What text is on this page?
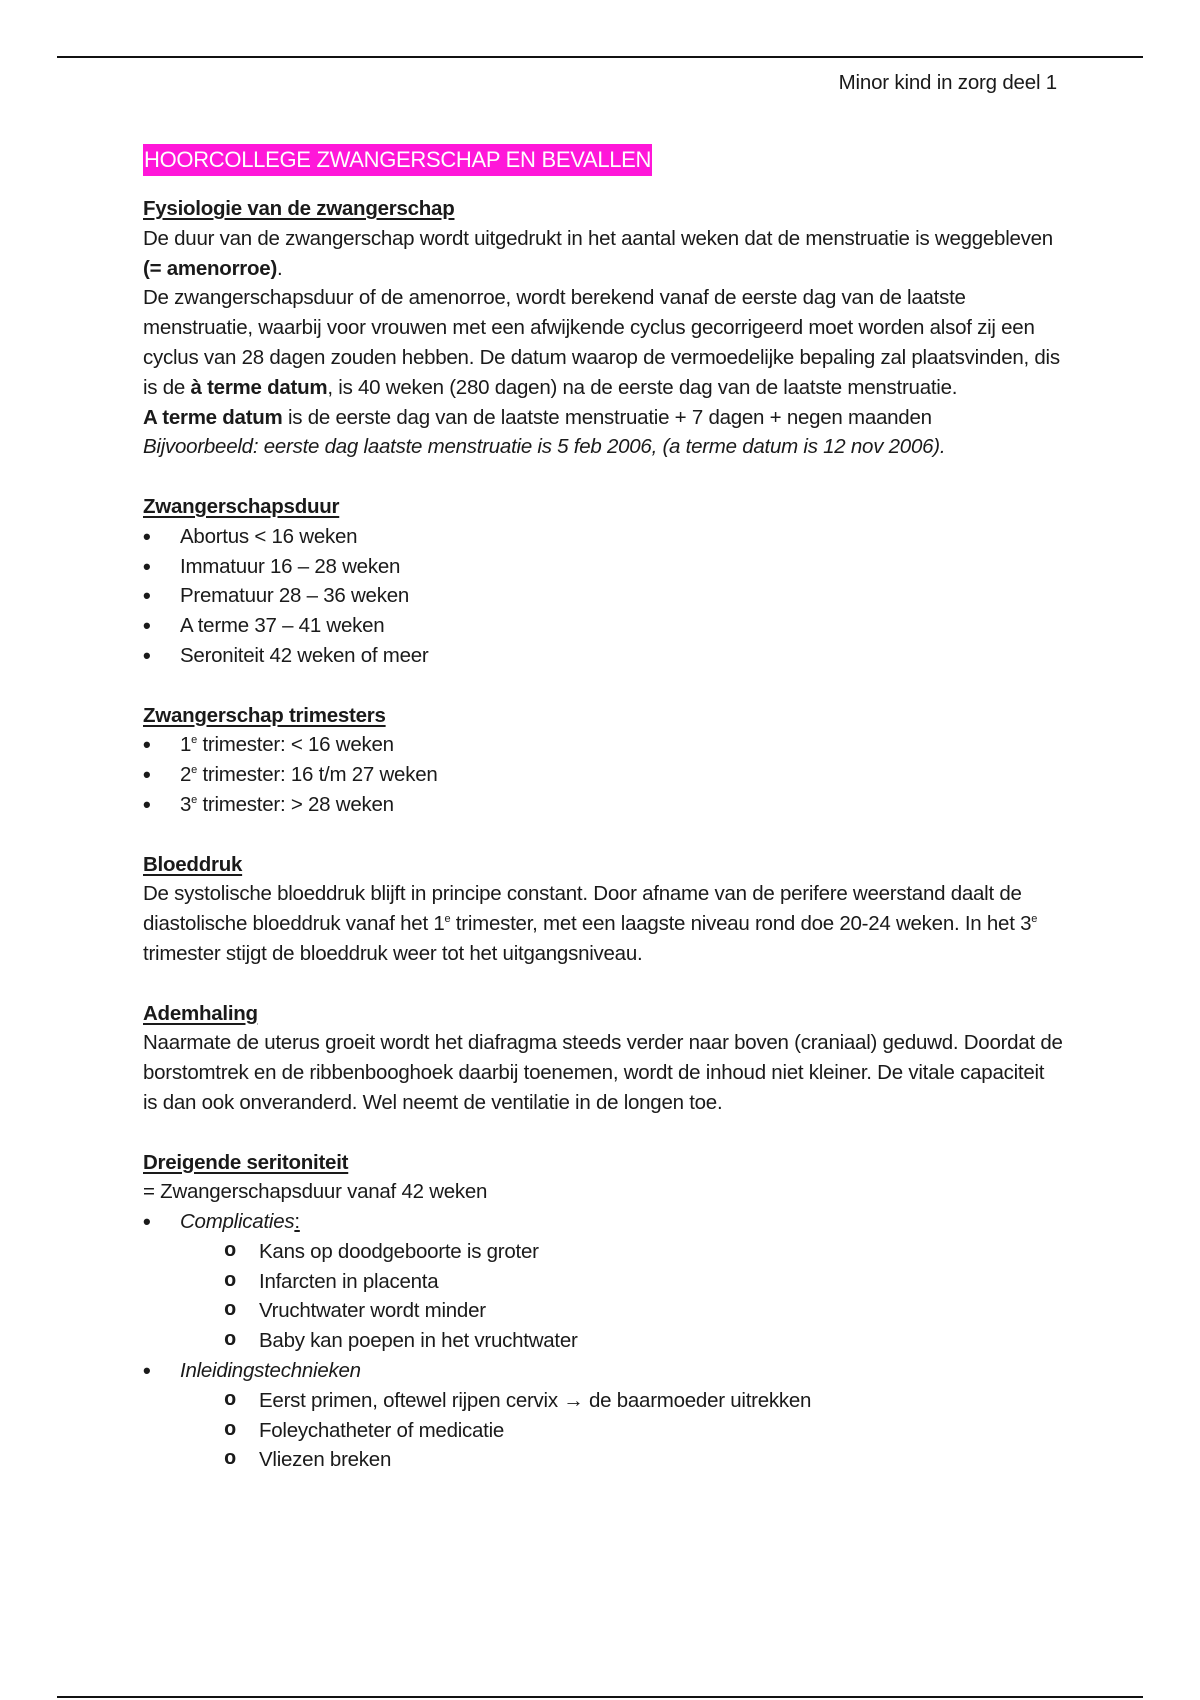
Minor kind in zorg deel 1
HOORCOLLEGE ZWANGERSCHAP EN BEVALLEN

Fysiologie van de zwangerschap

De duur van de zwangerschap wordt uitgedrukt in het aantal weken dat de menstruatie is weggebleven (= amenorroe).

De zwangerschapsduur of de amenorroe, wordt berekend vanaf de eerste dag van de laatste menstruatie, waarbij voor vrouwen met een afwijkende cyclus gecorrigeerd moet worden alsof zij een cyclus van 28 dagen zouden hebben. De datum waarop de vermoedelijke bepaling zal plaatsvinden, dis is de à terme datum, is 40 weken (280 dagen) na de eerste dag van de laatste menstruatie.

A terme datum is de eerste dag van de laatste menstruatie + 7 dagen + negen maanden

Bijvoorbeeld: eerste dag laatste menstruatie is 5 feb 2006, (a terme datum is 12 nov 2006).

Zwangerschapsduur

• Abortus < 16 weken
• Immatuur 16 – 28 weken
• Prematuur 28 – 36 weken
• A terme 37 – 41 weken
• Seroniteit 42 weken of meer

Zwangerschap trimesters

• 1e trimester: < 16 weken
• 2e trimester: 16 t/m 27 weken
• 3e trimester: > 28 weken

Bloeddruk

De systolische bloeddruk blijft in principe constant. Door afname van de perifere weerstand daalt de diastolische bloeddruk vanaf het 1e trimester, met een laagste niveau rond doe 20-24 weken. In het 3e trimester stijgt de bloeddruk weer tot het uitgangsniveau.

Ademhaling

Naarmate de uterus groeit wordt het diafragma steeds verder naar boven (craniaal) geduwd. Doordat de borstomtrek en de ribbenbooghoek daarbij toenemen, wordt de inhoud niet kleiner. De vitale capaciteit is dan ook onveranderd. Wel neemt de ventilatie in de longen toe.

Dreigende seritoniteit

= Zwangerschapsduur vanaf 42 weken

• Complicaties:
o Kans op doodgeboorte is groter
o Infarcten in placenta
o Vruchtwater wordt minder
o Baby kan poepen in het vruchtwater
• Inleidingstechnieken
o Eerst primen, oftewel rijpen cervix → de baarmoeder uitrekken
o Foleychatheter of medicatie
o Vliezen breken
